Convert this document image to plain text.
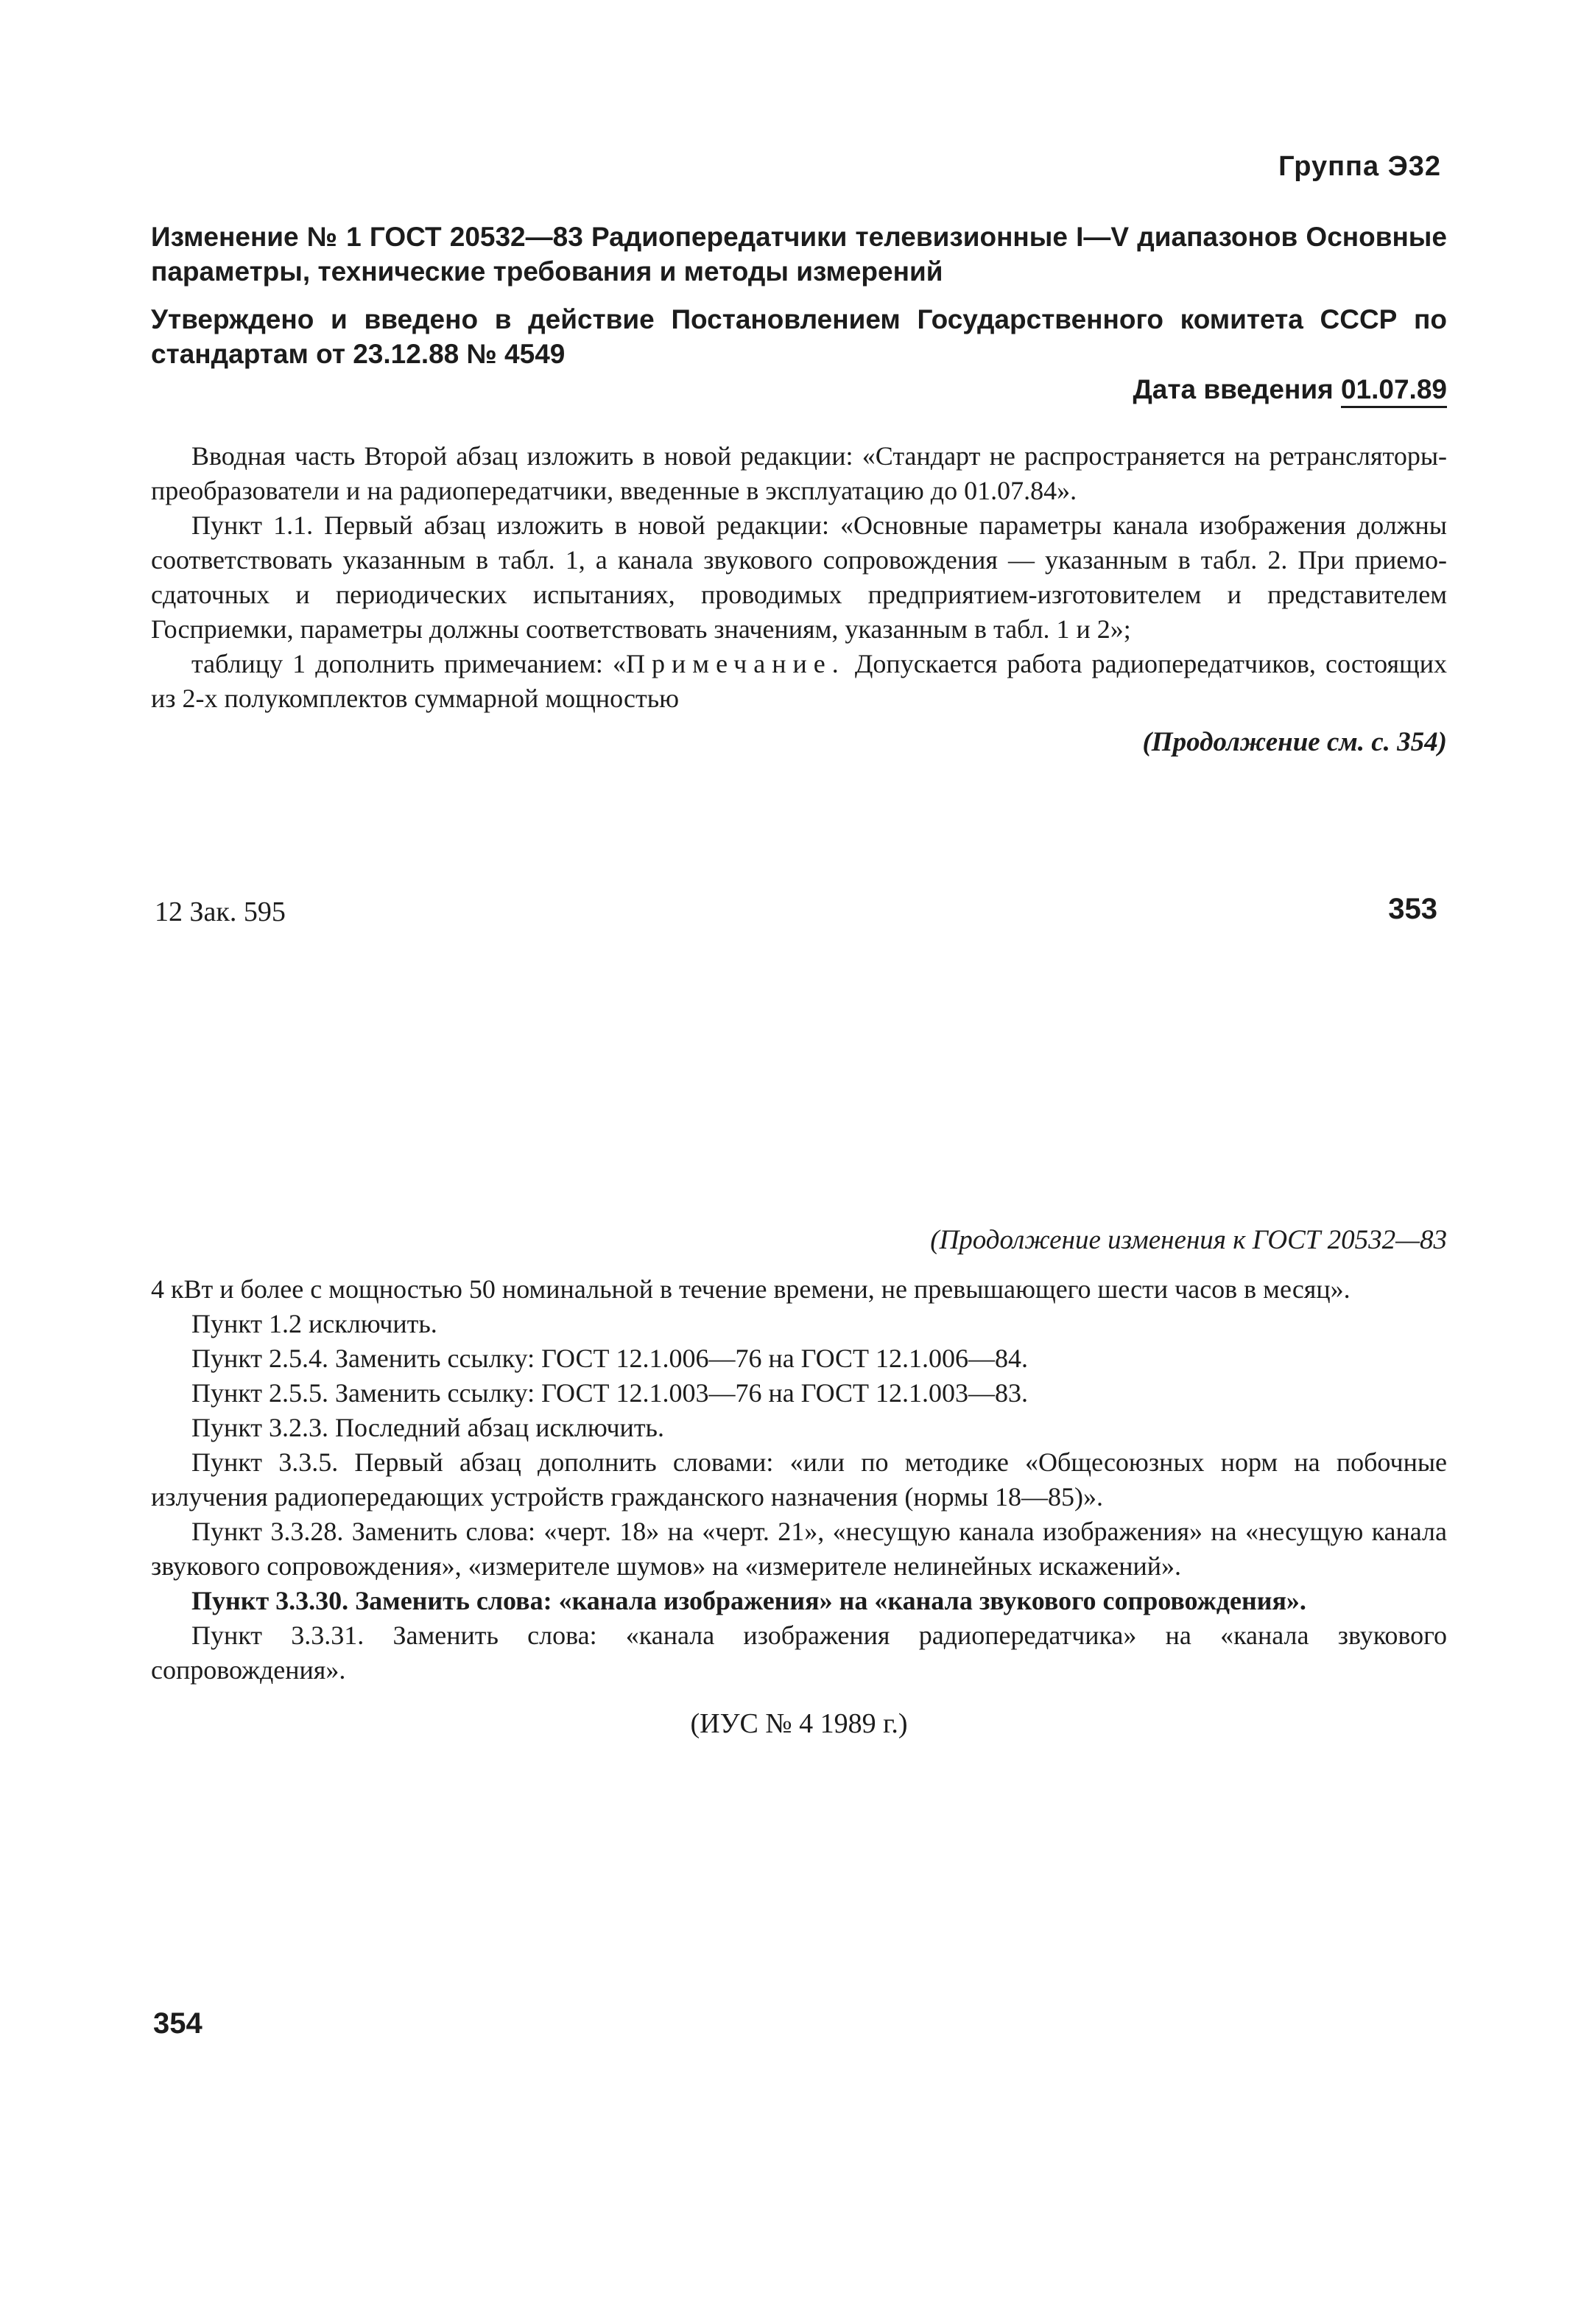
Группа Э32

Изменение № 1 ГОСТ 20532—83 Радиопередатчики телевизионные I—V диапазонов Основные параметры, технические требования и методы измерений

Утверждено и введено в действие Постановлением Государственного комитета СССР по стандартам от 23.12.88 № 4549

Дата введения 01.07.89

Вводная часть Второй абзац изложить в новой редакции: «Стандарт не распространяется на ретрансляторы-преобразователи и на радиопередатчики, введенные в эксплуатацию до 01.07.84».

Пункт 1.1. Первый абзац изложить в новой редакции: «Основные параметры канала изображения должны соответствовать указанным в табл. 1, а канала звукового сопровождения — указанным в табл. 2. При приемо-сдаточных и периодических испытаниях, проводимых предприятием-изготовителем и представителем Госприемки, параметры должны соответствовать значениям, указанным в табл. 1 и 2»;

таблицу 1 дополнить примечанием: «Примечание. Допускается работа радиопередатчиков, состоящих из 2-х полукомплектов суммарной мощностью

(Продолжение см. с. 354)

12 Зак. 595	353

(Продолжение изменения к ГОСТ 20532—83

4 кВт и более с мощностью 50 номинальной в течение времени, не превышающего шести часов в месяц».

Пункт 1.2 исключить.

Пункт 2.5.4. Заменить ссылку: ГОСТ 12.1.006—76 на ГОСТ 12.1.006—84.

Пункт 2.5.5. Заменить ссылку: ГОСТ 12.1.003—76 на ГОСТ 12.1.003—83.

Пункт 3.2.3. Последний абзац исключить.

Пункт 3.3.5. Первый абзац дополнить словами: «или по методике «Общесоюзных норм на побочные излучения радиопередающих устройств гражданского назначения (нормы 18—85)».

Пункт 3.3.28. Заменить слова: «черт. 18» на «черт. 21», «несущую канала изображения» на «несущую канала звукового сопровождения», «измерителе шумов» на «измерителе нелинейных искажений».

Пункт 3.3.30. Заменить слова: «канала изображения» на «канала звукового сопровождения».

Пункт 3.3.31. Заменить слова: «канала изображения радиопередатчика» на «канала звукового сопровождения».

(ИУС № 4 1989 г.)

354
